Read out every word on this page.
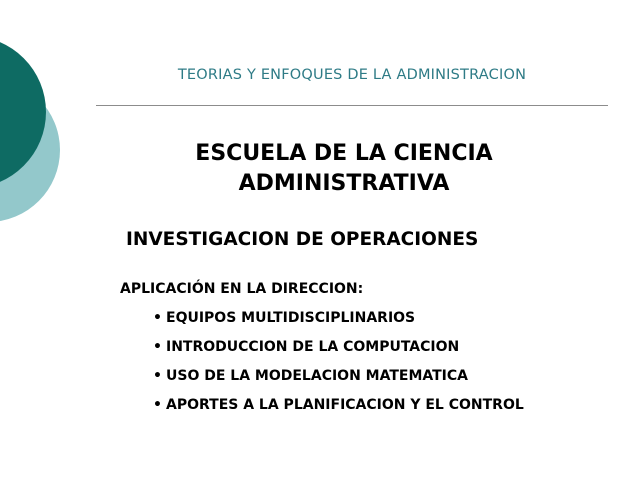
TEORIAS Y ENFOQUES DE LA ADMINISTRACION
ESCUELA DE LA CIENCIA
ADMINISTRATIVA
INVESTIGACION DE OPERACIONES
APLICACIÓN EN LA DIRECCION:
• EQUIPOS MULTIDISCIPLINARIOS
• INTRODUCCION DE LA COMPUTACION
• USO DE LA MODELACION MATEMATICA
• APORTES A LA PLANIFICACION Y EL CONTROL
